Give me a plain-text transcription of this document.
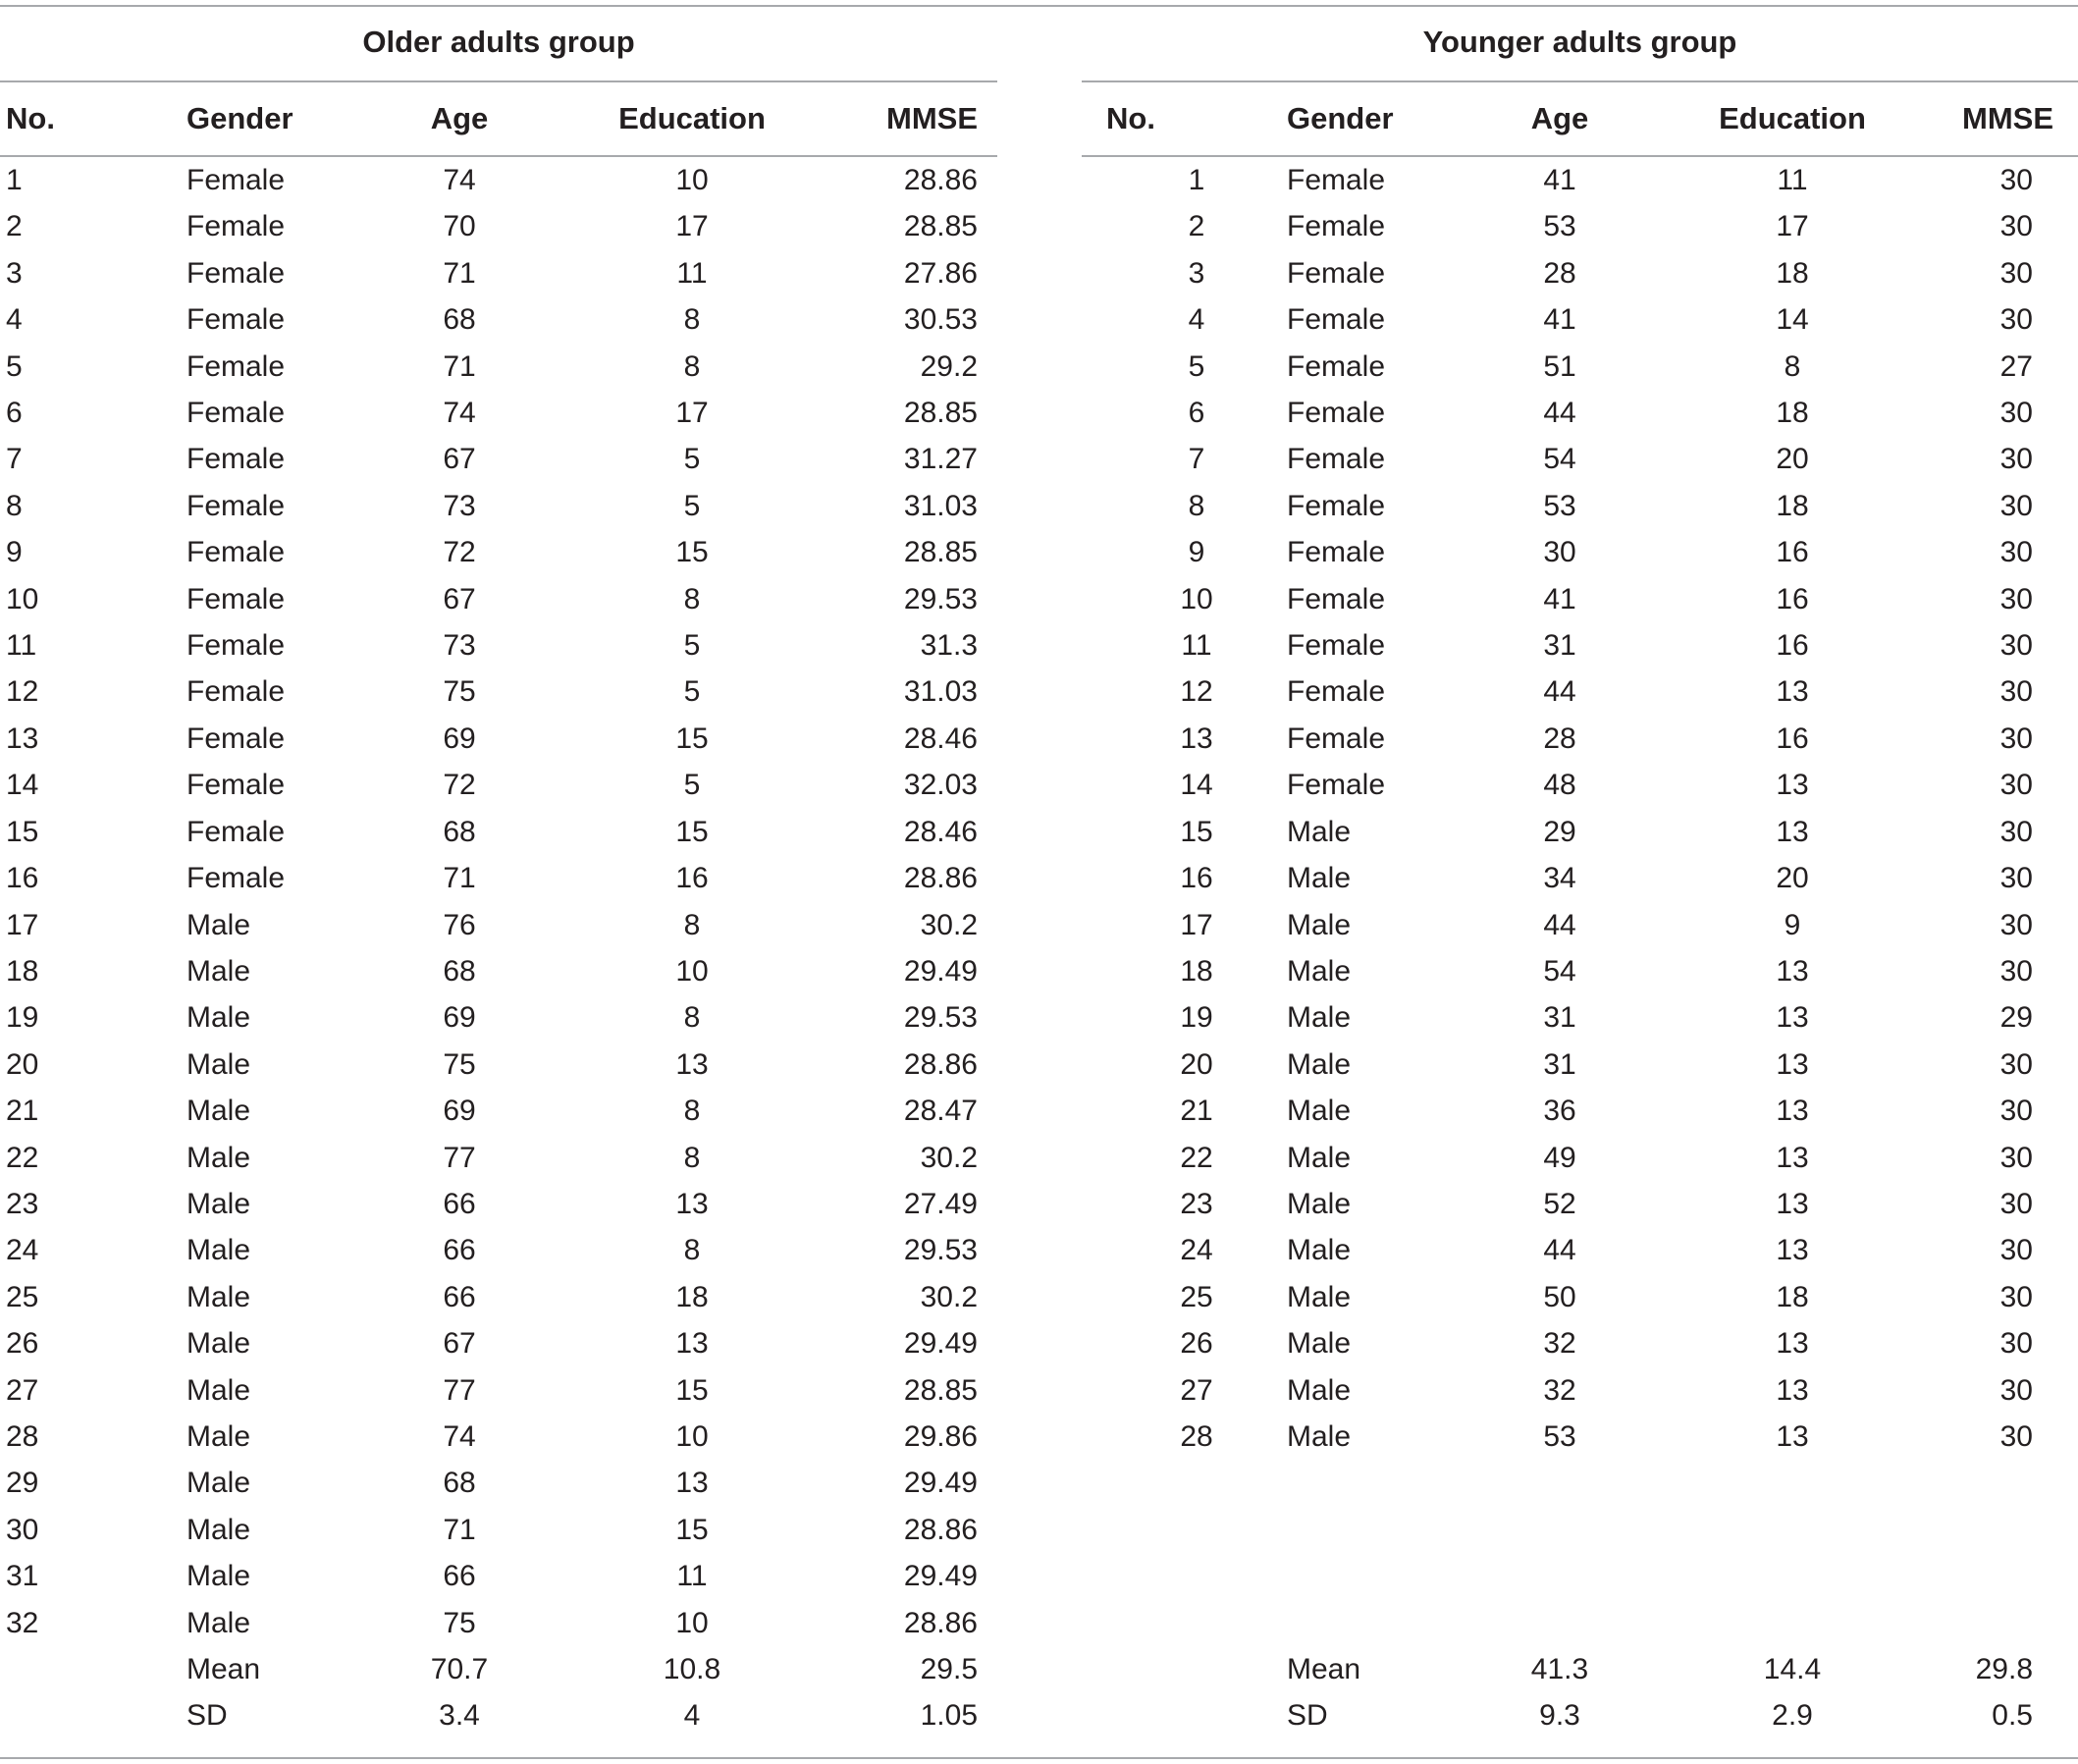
Older adults group	Younger adults group
No.	Gender	Age	Education	MMSE
1	Female	74	10	28.86
2	Female	70	17	28.85
3	Female	71	11	27.86
4	Female	68	8	30.53
5	Female	71	8	29.2
6	Female	74	17	28.85
7	Female	67	5	31.27
8	Female	73	5	31.03
9	Female	72	15	28.85
10	Female	67	8	29.53
11	Female	73	5	31.3
12	Female	75	5	31.03
13	Female	69	15	28.46
14	Female	72	5	32.03
15	Female	68	15	28.46
16	Female	71	16	28.86
17	Male	76	8	30.2
18	Male	68	10	29.49
19	Male	69	8	29.53
20	Male	75	13	28.86
21	Male	69	8	28.47
22	Male	77	8	30.2
23	Male	66	13	27.49
24	Male	66	8	29.53
25	Male	66	18	30.2
26	Male	67	13	29.49
27	Male	77	15	28.85
28	Male	74	10	29.86
29	Male	68	13	29.49
30	Male	71	15	28.86
31	Male	66	11	29.49
32	Male	75	10	28.86
	Mean	70.7	10.8	29.5
	SD	3.4	4	1.05
No.	Gender	Age	Education	MMSE
1	Female	41	11	30
2	Female	53	17	30
3	Female	28	18	30
4	Female	41	14	30
5	Female	51	8	27
6	Female	44	18	30
7	Female	54	20	30
8	Female	53	18	30
9	Female	30	16	30
10	Female	41	16	30
11	Female	31	16	30
12	Female	44	13	30
13	Female	28	16	30
14	Female	48	13	30
15	Male	29	13	30
16	Male	34	20	30
17	Male	44	9	30
18	Male	54	13	30
19	Male	31	13	29
20	Male	31	13	30
21	Male	36	13	30
22	Male	49	13	30
23	Male	52	13	30
24	Male	44	13	30
25	Male	50	18	30
26	Male	32	13	30
27	Male	32	13	30
28	Male	53	13	30

	Mean	41.3	14.4	29.8
	SD	9.3	2.9	0.5
